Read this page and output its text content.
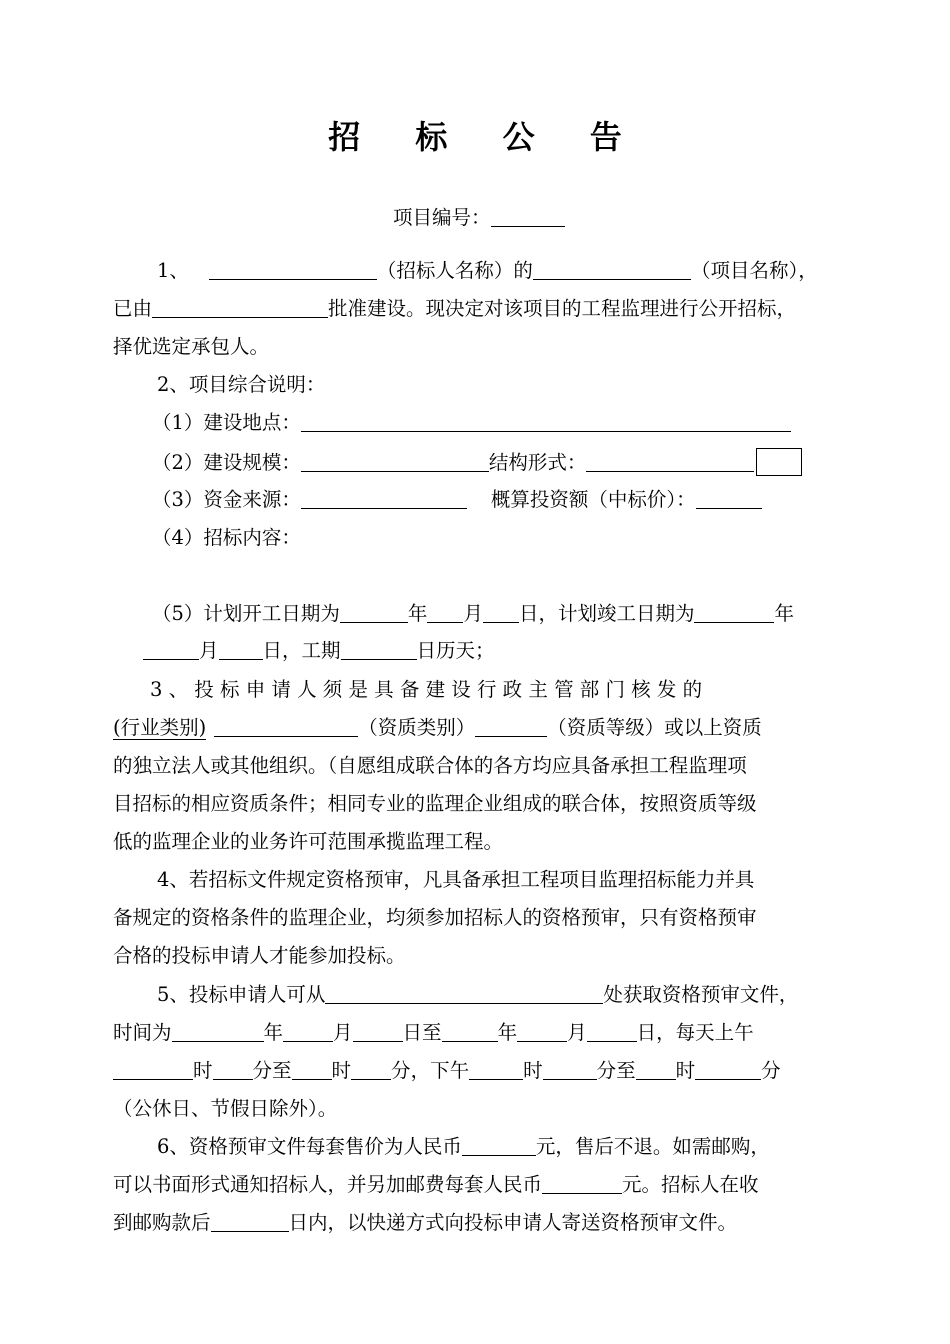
招 标 公 告
项目编号：
1、	（招标人名称）的	（项目名称），
已由	批准建设。现决定对该项目的工程监理进行公开招标，
择优选定承包人。
2、项目综合说明：
（1）建设地点：
（2）建设规模：	结构形式：
（3）资金来源：	概算投资额（中标价）：
（4）招标内容：
（5）计划开工日期为	年 月 日，计划竣工日期为	年
月 日，工期	日历天；
3 、 投 标 申 请 人 须 是 具 备 建 设 行 政 主 管 部 门 核 发 的
(行业类别)	（资质类别）	（资质等级）或以上资质
的独立法人或其他组织。（自愿组成联合体的各方均应具备承担工程监理项
目招标的相应资质条件；相同专业的监理企业组成的联合体，按照资质等级
低的监理企业的业务许可范围承揽监理工程。
4、若招标文件规定资格预审，凡具备承担工程项目监理招标能力并具
备规定的资格条件的监理企业，均须参加招标人的资格预审，只有资格预审
合格的投标申请人才能参加投标。
5、投标申请人可从	处获取资格预审文件，
时间为	年	月	日至	年	月	日，每天上午
时 分至 时 分，下午	时	分至 时	分
（公休日、节假日除外）。
6、资格预审文件每套售价为人民币	元，售后不退。如需邮购，
可以书面形式通知招标人，并另加邮费每套人民币	元。招标人在收
到邮购款后	日内，以快递方式向投标申请人寄送资格预审文件。
